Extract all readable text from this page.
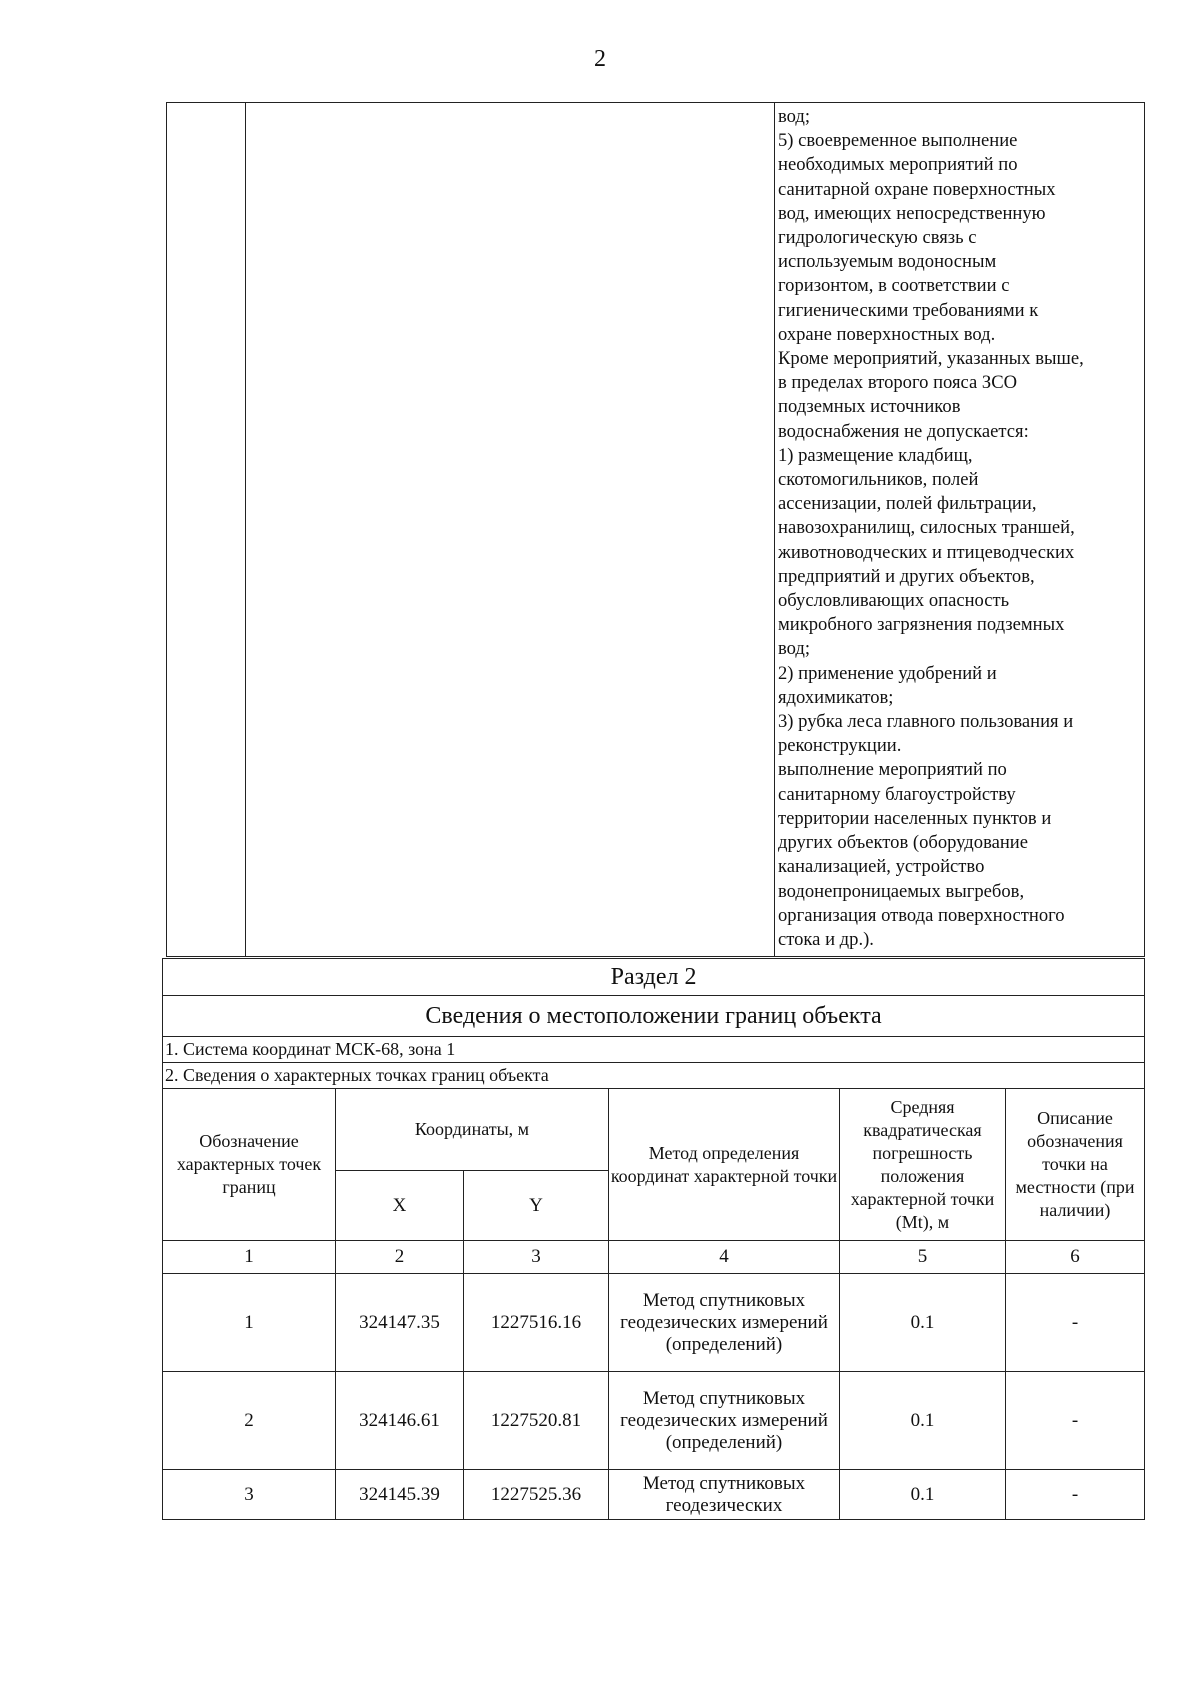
2

вод;
5) своевременное выполнение
необходимых мероприятий по
санитарной охране поверхностных
вод, имеющих непосредственную
гидрологическую связь с
используемым водоносным
горизонтом, в соответствии с
гигиеническими требованиями к
охране поверхностных вод.
Кроме мероприятий, указанных выше,
в пределах второго пояса ЗСО
подземных источников
водоснабжения не допускается:
1) размещение кладбищ,
скотомогильников, полей
ассенизации, полей фильтрации,
навозохранилищ, силосных траншей,
животноводческих и птицеводческих
предприятий и других объектов,
обусловливающих опасность
микробного загрязнения подземных
вод;
2) применение удобрений и
ядохимикатов;
3) рубка леса главного пользования и
реконструкции.
выполнение мероприятий по
санитарному благоустройству
территории населенных пунктов и
других объектов (оборудование
канализацией, устройство
водонепроницаемых выгребов,
организация отвода поверхностного
стока и др.).
Раздел 2					
Сведения о местоположении границ объекта					
1. Система координат МСК-68, зона 1					
2. Сведения о характерных точках границ объекта					
Обозначение характерных точек границ	Координаты, м		Метод определения координат характерной точки	Средняя квадратическая погрешность положения характерной точки (Mt), м	Описание обозначения точки на местности (при наличии)
	X	Y			
1	2	3	4	5	6
1	324147.35	1227516.16	Метод спутниковых геодезических измерений (определений)	0.1	-
2	324146.61	1227520.81	Метод спутниковых геодезических измерений (определений)	0.1	-
3	324145.39	1227525.36	Метод спутниковых геодезических	0.1	-
